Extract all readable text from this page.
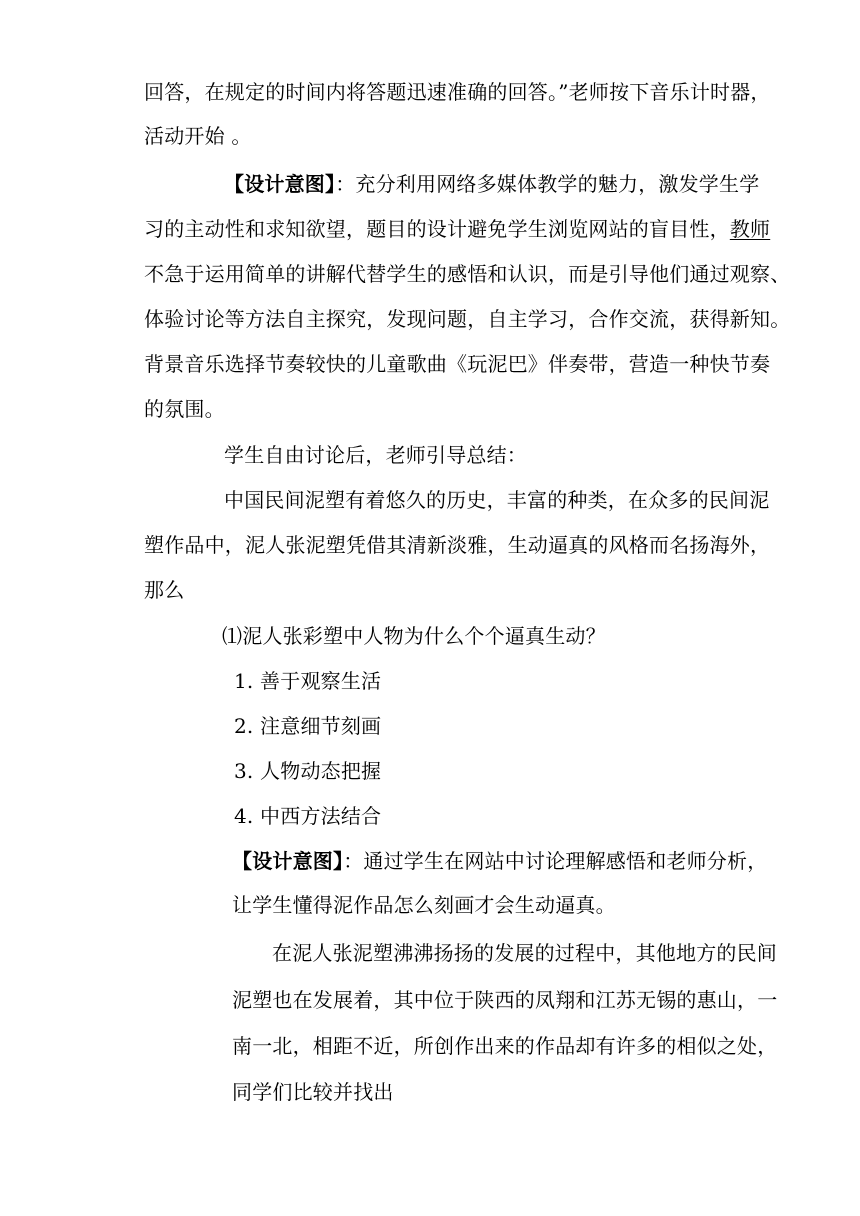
回答，在规定的时间内将答题迅速准确的回答。”老师按下音乐计时器，
活动开始 。
【设计意图】：充分利用网络多媒体教学的魅力，激发学生学
习的主动性和求知欲望，题目的设计避免学生浏览网站的盲目性，教师
不急于运用简单的讲解代替学生的感悟和认识，而是引导他们通过观察、
体验讨论等方法自主探究，发现问题，自主学习，合作交流，获得新知。
背景音乐选择节奏较快的儿童歌曲《玩泥巴》伴奏带，营造一种快节奏
的氛围。
学生自由讨论后，老师引导总结：
中国民间泥塑有着悠久的历史，丰富的种类，在众多的民间泥
塑作品中，泥人张泥塑凭借其清新淡雅，生动逼真的风格而名扬海外，
那么
⑴泥人张彩塑中人物为什么个个逼真生动？
1. 善于观察生活
2. 注意细节刻画
3. 人物动态把握
4. 中西方法结合
【设计意图】：通过学生在网站中讨论理解感悟和老师分析，
让学生懂得泥作品怎么刻画才会生动逼真。
在泥人张泥塑沸沸扬扬的发展的过程中，其他地方的民间
泥塑也在发展着，其中位于陕西的凤翔和江苏无锡的惠山，一
南一北，相距不近，所创作出来的作品却有许多的相似之处，
同学们比较并找出
